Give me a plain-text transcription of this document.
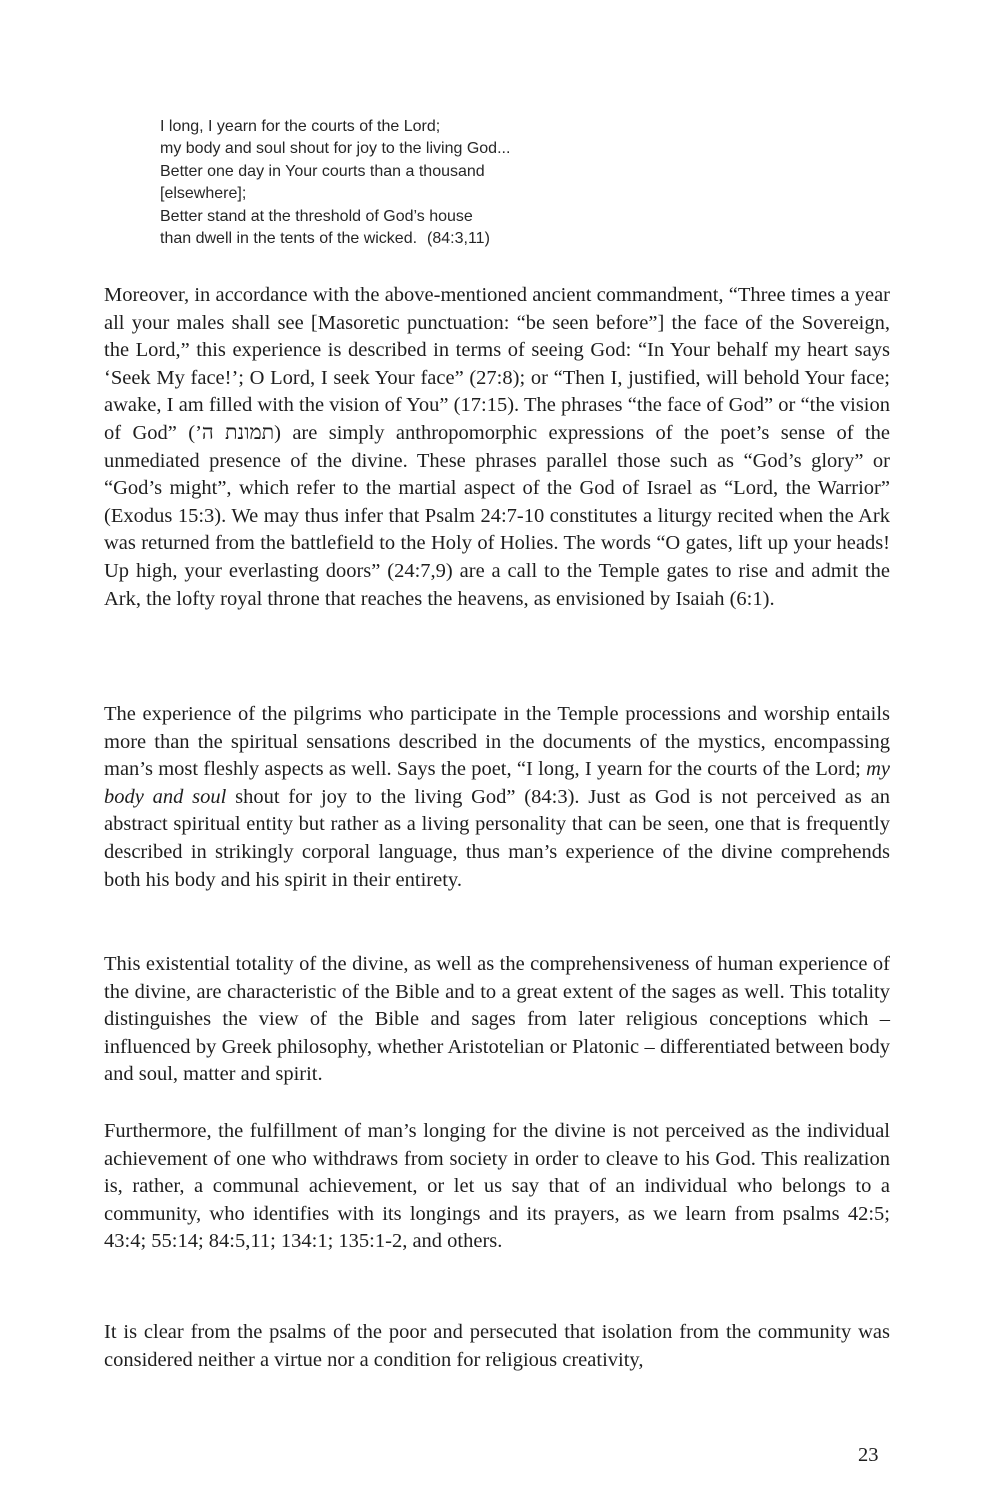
I long, I yearn for the courts of the Lord;
my body and soul shout for joy to the living God...
Better one day in Your courts than a thousand
[elsewhere];
Better stand at the threshold of God’s house
than dwell in the tents of the wicked. (84:3,11)

Moreover, in accordance with the above-mentioned ancient commandment, “Three times a year all your males shall see [Masoretic punctuation: “be seen before”] the face of the Sovereign, the Lord,” this experience is described in terms of seeing God: “In Your behalf my heart says ‘Seek My face!’; O Lord, I seek Your face” (27:8); or “Then I, justified, will behold Your face; awake, I am filled with the vision of You” (17:15). The phrases “the face of God” or “the vision of God” (תמונת ה’) are simply anthropomorphic expressions of the poet’s sense of the unmediated presence of the divine. These phrases parallel those such as “God’s glory” or “God’s might”, which refer to the martial aspect of the God of Israel as “Lord, the Warrior” (Exodus 15:3). We may thus infer that Psalm 24:7-10 constitutes a liturgy recited when the Ark was returned from the battlefield to the Holy of Holies. The words “O gates, lift up your heads! Up high, your everlasting doors” (24:7,9) are a call to the Temple gates to rise and admit the Ark, the lofty royal throne that reaches the heavens, as envisioned by Isaiah (6:1).

The experience of the pilgrims who participate in the Temple processions and worship entails more than the spiritual sensations described in the documents of the mystics, encompassing man’s most fleshly aspects as well. Says the poet, “I long, I yearn for the courts of the Lord; my body and soul shout for joy to the living God” (84:3). Just as God is not perceived as an abstract spiritual entity but rather as a living personality that can be seen, one that is frequently described in strikingly corporal language, thus man’s experience of the divine comprehends both his body and his spirit in their entirety.

This existential totality of the divine, as well as the comprehensiveness of human experience of the divine, are characteristic of the Bible and to a great extent of the sages as well. This totality distinguishes the view of the Bible and sages from later religious conceptions which – influenced by Greek philosophy, whether Aristotelian or Platonic – differentiated between body and soul, matter and spirit.

Furthermore, the fulfillment of man’s longing for the divine is not perceived as the individual achievement of one who withdraws from society in order to cleave to his God. This realization is, rather, a communal achievement, or let us say that of an individual who belongs to a community, who identifies with its longings and its prayers, as we learn from psalms 42:5; 43:4; 55:14; 84:5,11; 134:1; 135:1-2, and others.

It is clear from the psalms of the poor and persecuted that isolation from the community was considered neither a virtue nor a condition for religious creativity,

23
